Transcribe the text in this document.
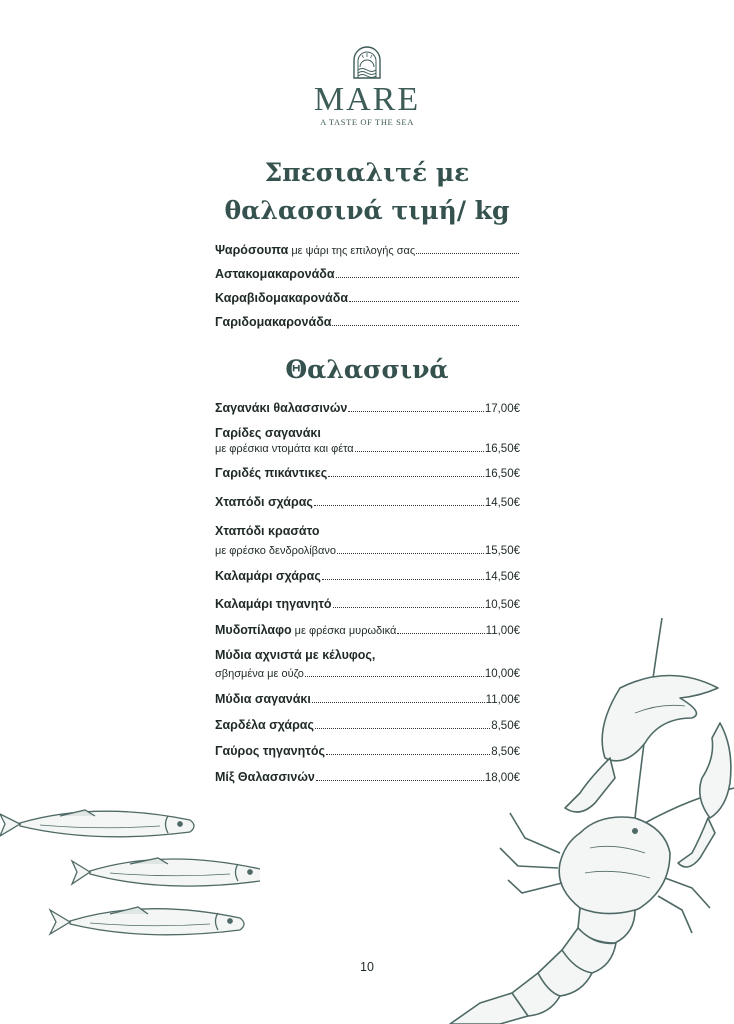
MARE
A TASTE OF THE SEA
Σπεσιαλιτέ με
θαλασσινά τιμή/ kg
Ψαρόσουπα με ψάρι της επιλογής σας
Αστακομακαρονάδα
Καραβιδομακαρονάδα
Γαριδομακαρονάδα
Θαλασσινά
Σαγανάκι θαλασσινών	17,00€
Γαρίδες σαγανάκι
με φρέσκια ντομάτα και φέτα	16,50€
Γαριδές πικάντικες	16,50€
Χταπόδι σχάρας	14,50€
Χταπόδι κρασάτο
με φρέσκο δενδρολίβανο	15,50€
Καλαμάρι σχάρας	14,50€
Καλαμάρι τηγανητό	10,50€
Μυδοπίλαφο με φρέσκα μυρωδικά	11,00€
Μύδια αχνιστά με κέλυφος,
σβησμένα με ούζο	10,00€
Μύδια σαγανάκι	11,00€
Σαρδέλα σχάρας	8,50€
Γαύρος τηγανητός	8,50€
Μίξ Θαλασσινών	18,00€
10
